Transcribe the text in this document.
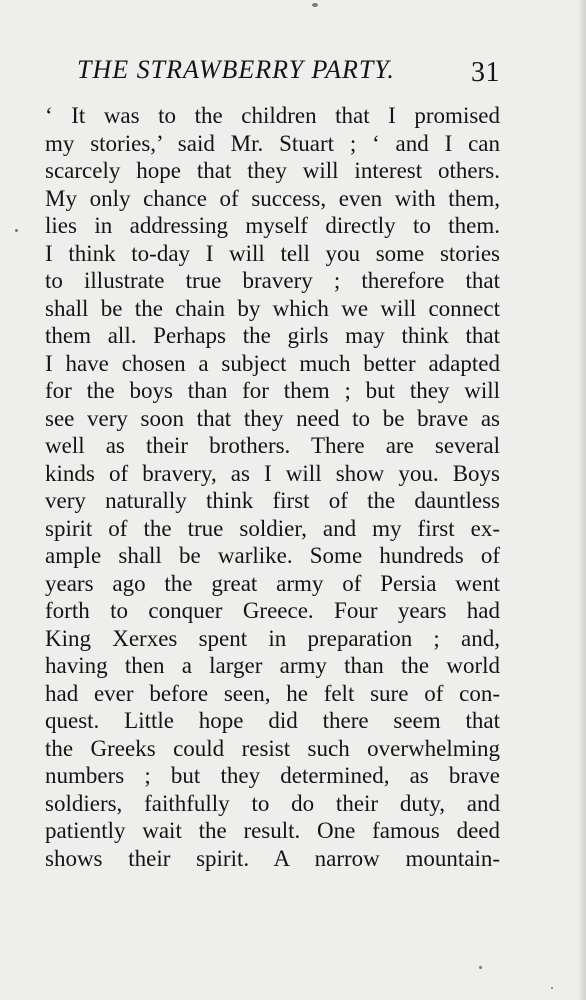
THE STRAWBERRY PARTY.	31
‘ It was to the children that I promised
my stories,’ said Mr. Stuart ; ‘ and I can
scarcely hope that they will interest others.
My only chance of success, even with them,
lies in addressing myself directly to them.
I think to-day I will tell you some stories
to illustrate true bravery ; therefore that
shall be the chain by which we will connect
them all. Perhaps the girls may think that
I have chosen a subject much better adapted
for the boys than for them ; but they will
see very soon that they need to be brave as
well as their brothers. There are several
kinds of bravery, as I will show you. Boys
very naturally think first of the dauntless
spirit of the true soldier, and my first ex-
ample shall be warlike. Some hundreds of
years ago the great army of Persia went
forth to conquer Greece. Four years had
King Xerxes spent in preparation ; and,
having then a larger army than the world
had ever before seen, he felt sure of con-
quest. Little hope did there seem that
the Greeks could resist such overwhelming
numbers ; but they determined, as brave
soldiers, faithfully to do their duty, and
patiently wait the result. One famous deed
shows their spirit. A narrow mountain-
